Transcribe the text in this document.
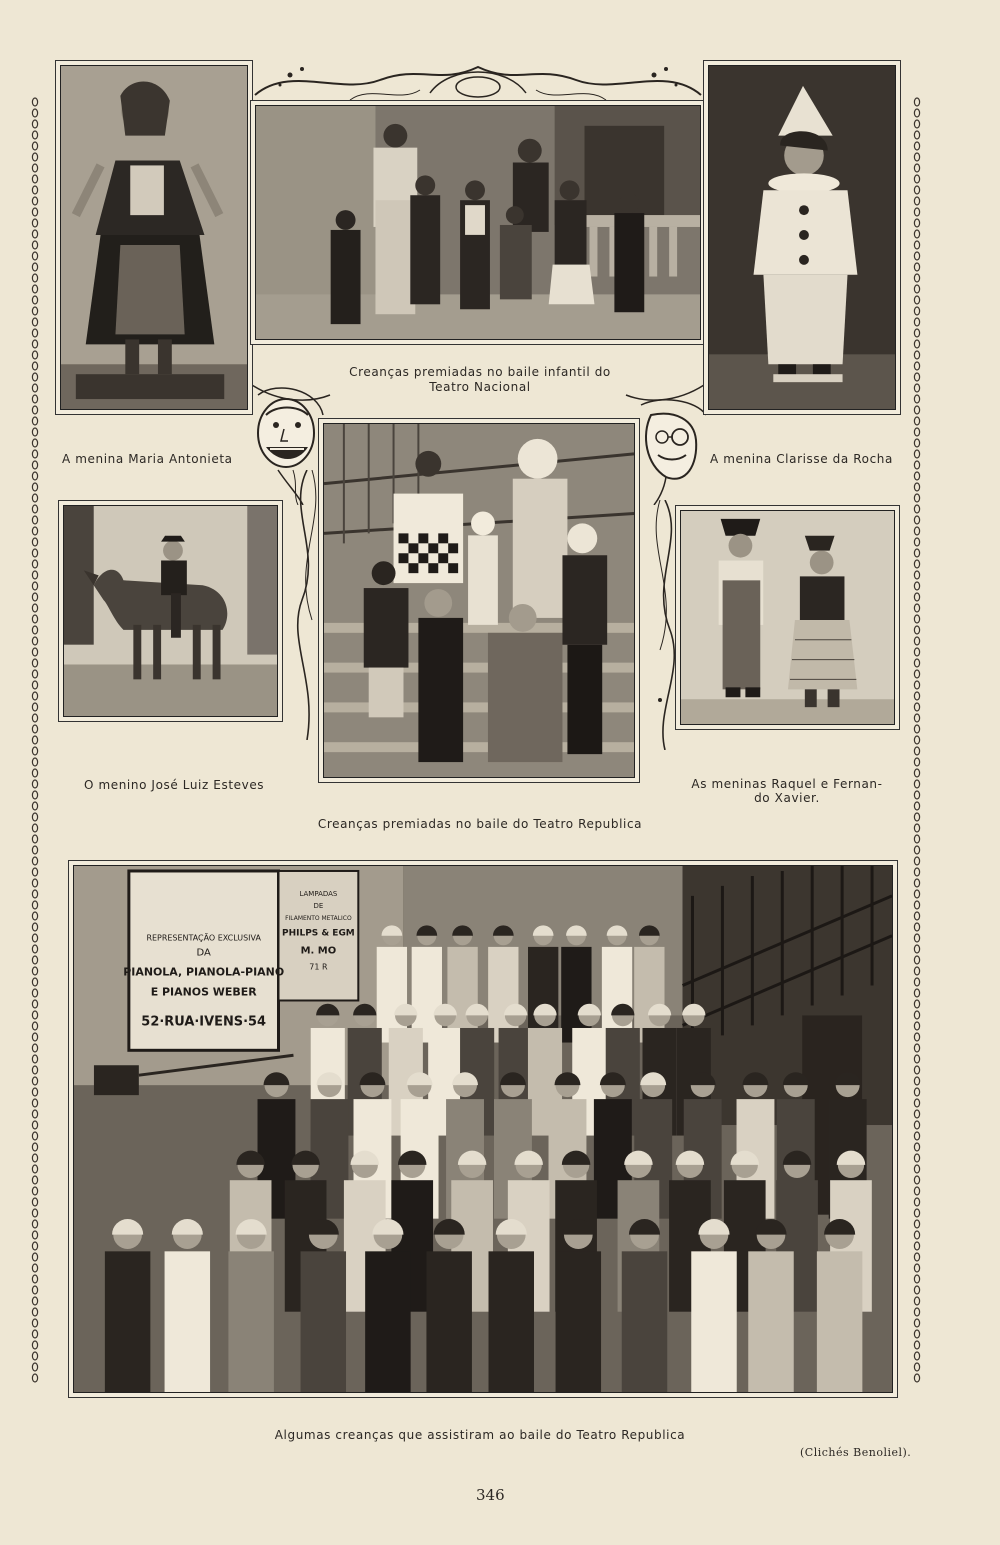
REPRESENTAÇÃO EXCLUSIVA
DA
PIANOLA, PIANOLA-PIANO
E PIANOS WEBER
52·RUA·IVENS·54
LAMPADAS
DE
FILAMENTO METALICO
PHILPS & EGM
M. MO
71 R
Creanças premiadas no baile infantil do
Teatro Nacional
A menina Maria Antonieta	A menina Clarisse da Rocha
O menino José Luiz Esteves	As meninas Raquel e Fernan-
do Xavier.
Creanças premiadas no baile do Teatro Republica
Algumas creanças que assistiram ao baile do Teatro Republica
(Clichés Benoliel).
346
